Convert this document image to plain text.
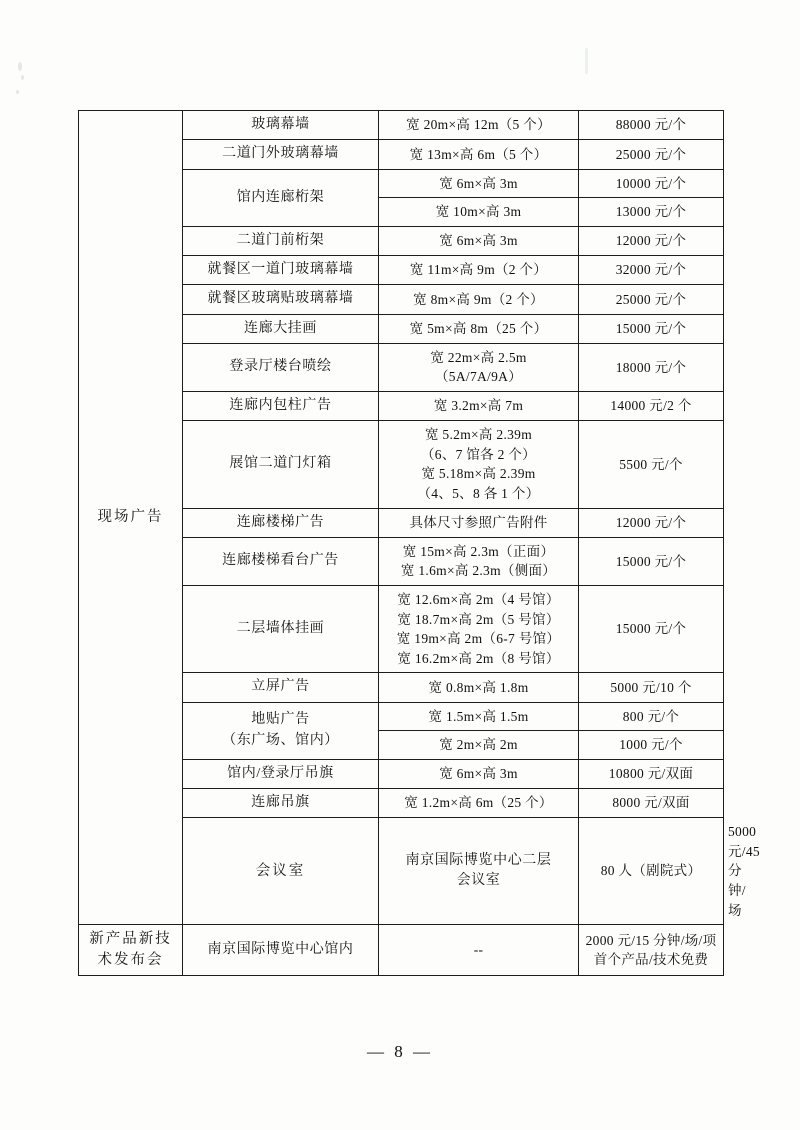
现场广告	玻璃幕墙	宽 20m×高 12m（5 个）	88000 元/个	
	二道门外玻璃幕墙	宽 13m×高 6m（5 个）	25000 元/个	
	馆内连廊桁架	宽 6m×高 3m	10000 元/个	
		宽 10m×高 3m	13000 元/个	
	二道门前桁架	宽 6m×高 3m	12000 元/个	
	就餐区一道门玻璃幕墙	宽 11m×高 9m（2 个）	32000 元/个	
	就餐区玻璃贴玻璃幕墙	宽 8m×高 9m（2 个）	25000 元/个	
	连廊大挂画	宽 5m×高 8m（25 个）	15000 元/个	
	登录厅楼台喷绘	宽 22m×高 2.5m
（5A/7A/9A）	18000 元/个	
	连廊内包柱广告	宽 3.2m×高 7m	14000 元/2 个	
	展馆二道门灯箱	宽 5.2m×高 2.39m
（6、7 馆各 2 个）
宽 5.18m×高 2.39m
（4、5、8 各 1 个）	5500 元/个	
	连廊楼梯广告	具体尺寸参照广告附件	12000 元/个	
	连廊楼梯看台广告	宽 15m×高 2.3m（正面）
宽 1.6m×高 2.3m（侧面）	15000 元/个	
	二层墙体挂画	宽 12.6m×高 2m（4 号馆）
宽 18.7m×高 2m（5 号馆）
宽 19m×高 2m（6-7 号馆）
宽 16.2m×高 2m（8 号馆）	15000 元/个	
	立屏广告	宽 0.8m×高 1.8m	5000 元/10 个	

	地贴广告
（东广场、馆内）	宽 1.5m×高 1.5m	800 元/个	
		宽 2m×高 2m	1000 元/个	
	馆内/登录厅吊旗	宽 6m×高 3m	10800 元/双面	
	连廊吊旗	宽 1.2m×高 6m（25 个）	8000 元/双面	
	会议室	南京国际博览中心二层
会议室	80 人（剧院式）	5000 元/45 分钟/场

新产品新技
术发布会	南京国际博览中心馆内	--	2000 元/15 分钟/场/项
首个产品/技术免费	
— 8 —
